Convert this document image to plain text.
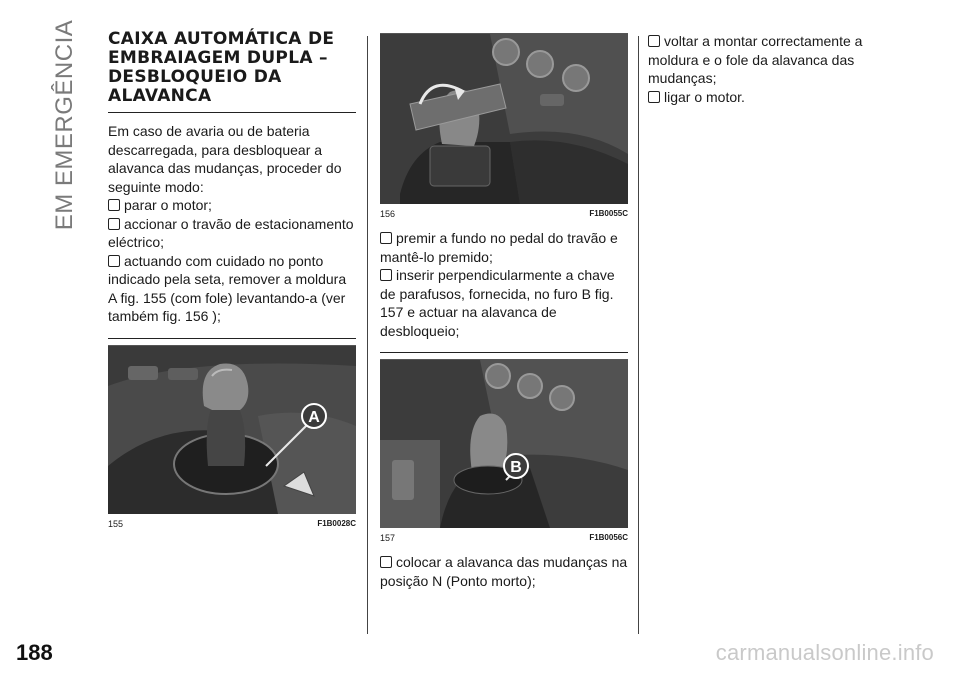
EM EMERGÊNCIA
188
CAIXA AUTOMÁTICA DE EMBRAIAGEM DUPLA – DESBLOQUEIO DA ALAVANCA

Em caso de avaria ou de bateria descarregada, para desbloquear a alavanca das mudanças, proceder do seguinte modo:

parar o motor;

accionar o travão de estacionamento eléctrico;

actuando com cuidado no ponto indicado pela seta, remover a moldura A fig. 155 (com fole) levantando-a (ver também fig. 156 );

A
155	F1B0028C
156	F1B0055C

premir a fundo no pedal do travão e mantê-lo premido;

inserir perpendicularmente a chave de parafusos, fornecida, no furo B fig. 157 e actuar na alavanca de desbloqueio;

B
157	F1B0056C

colocar a alavanca das mudanças na posição N (Ponto morto);

voltar a montar correctamente a moldura e o fole da alavanca das mudanças;

ligar o motor.

carmanualsonline.info
